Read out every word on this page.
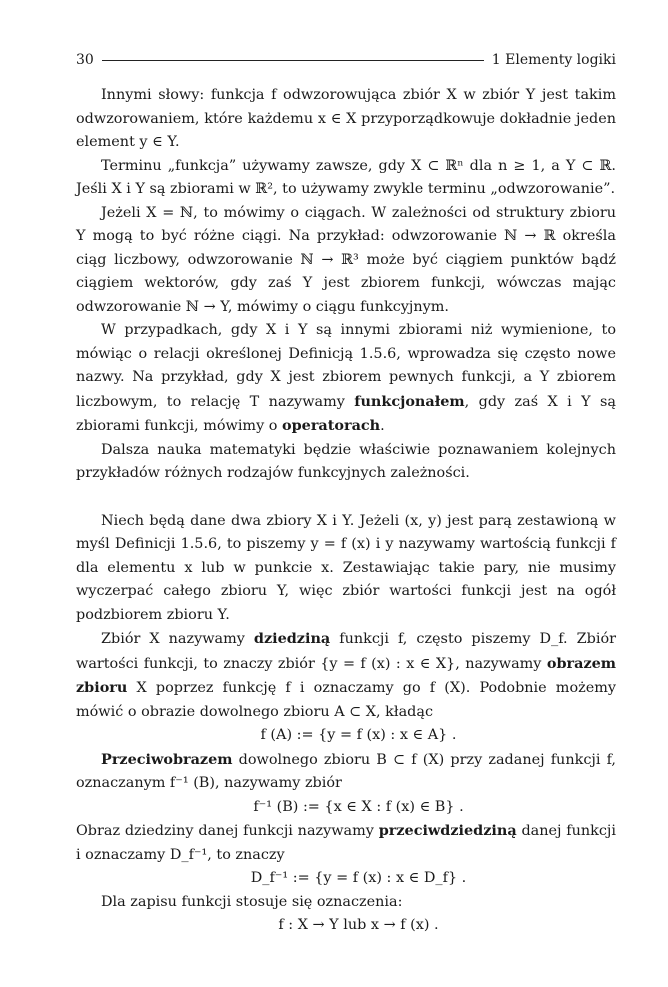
30	1 Elementy logiki

Innymi słowy: funkcja f odwzorowująca zbiór X w zbiór Y jest takim odwzorowaniem, które każdemu x ∈ X przyporządkowuje dokładnie jeden element y ∈ Y.

Terminu „funkcja” używamy zawsze, gdy X ⊂ ℝⁿ dla n ≥ 1, a Y ⊂ ℝ. Jeśli X i Y są zbiorami w ℝ², to używamy zwykle terminu „odwzorowanie”.

Jeżeli X = ℕ, to mówimy o ciągach. W zależności od struktury zbioru Y mogą to być różne ciągi. Na przykład: odwzorowanie ℕ → ℝ określa ciąg liczbowy, odwzorowanie ℕ → ℝ³ może być ciągiem punktów bądź ciągiem wektorów, gdy zaś Y jest zbiorem funkcji, wówczas mając odwzorowanie ℕ → Y, mówimy o ciągu funkcyjnym.

W przypadkach, gdy X i Y są innymi zbiorami niż wymienione, to mówiąc o relacji określonej Definicją 1.5.6, wprowadza się często nowe nazwy. Na przykład, gdy X jest zbiorem pewnych funkcji, a Y zbiorem liczbowym, to relację T nazywamy funkcjonałem, gdy zaś X i Y są zbiorami funkcji, mówimy o operatorach.

Dalsza nauka matematyki będzie właściwie poznawaniem kolejnych przykładów różnych rodzajów funkcyjnych zależności.

Niech będą dane dwa zbiory X i Y. Jeżeli (x, y) jest parą zestawioną w myśl Definicji 1.5.6, to piszemy y = f (x) i y nazywamy wartością funkcji f dla elementu x lub w punkcie x. Zestawiając takie pary, nie musimy wyczerpać całego zbioru Y, więc zbiór wartości funkcji jest na ogół podzbiorem zbioru Y.

Zbiór X nazywamy dziedziną funkcji f, często piszemy D_f. Zbiór wartości funkcji, to znaczy zbiór {y = f (x) : x ∈ X}, nazywamy obrazem zbioru X poprzez funkcję f i oznaczamy go f (X). Podobnie możemy mówić o obrazie dowolnego zbioru A ⊂ X, kładąc

f (A) := {y = f (x) : x ∈ A} .

Przeciwobrazem dowolnego zbioru B ⊂ f (X) przy zadanej funkcji f, oznaczanym f⁻¹ (B), nazywamy zbiór

f⁻¹ (B) := {x ∈ X : f (x) ∈ B} .

Obraz dziedziny danej funkcji nazywamy przeciwdziedziną danej funkcji i oznaczamy D_f⁻¹, to znaczy

D_f⁻¹ := {y = f (x) : x ∈ D_f} .

Dla zapisu funkcji stosuje się oznaczenia:

f : X → Y lub x → f (x) .
